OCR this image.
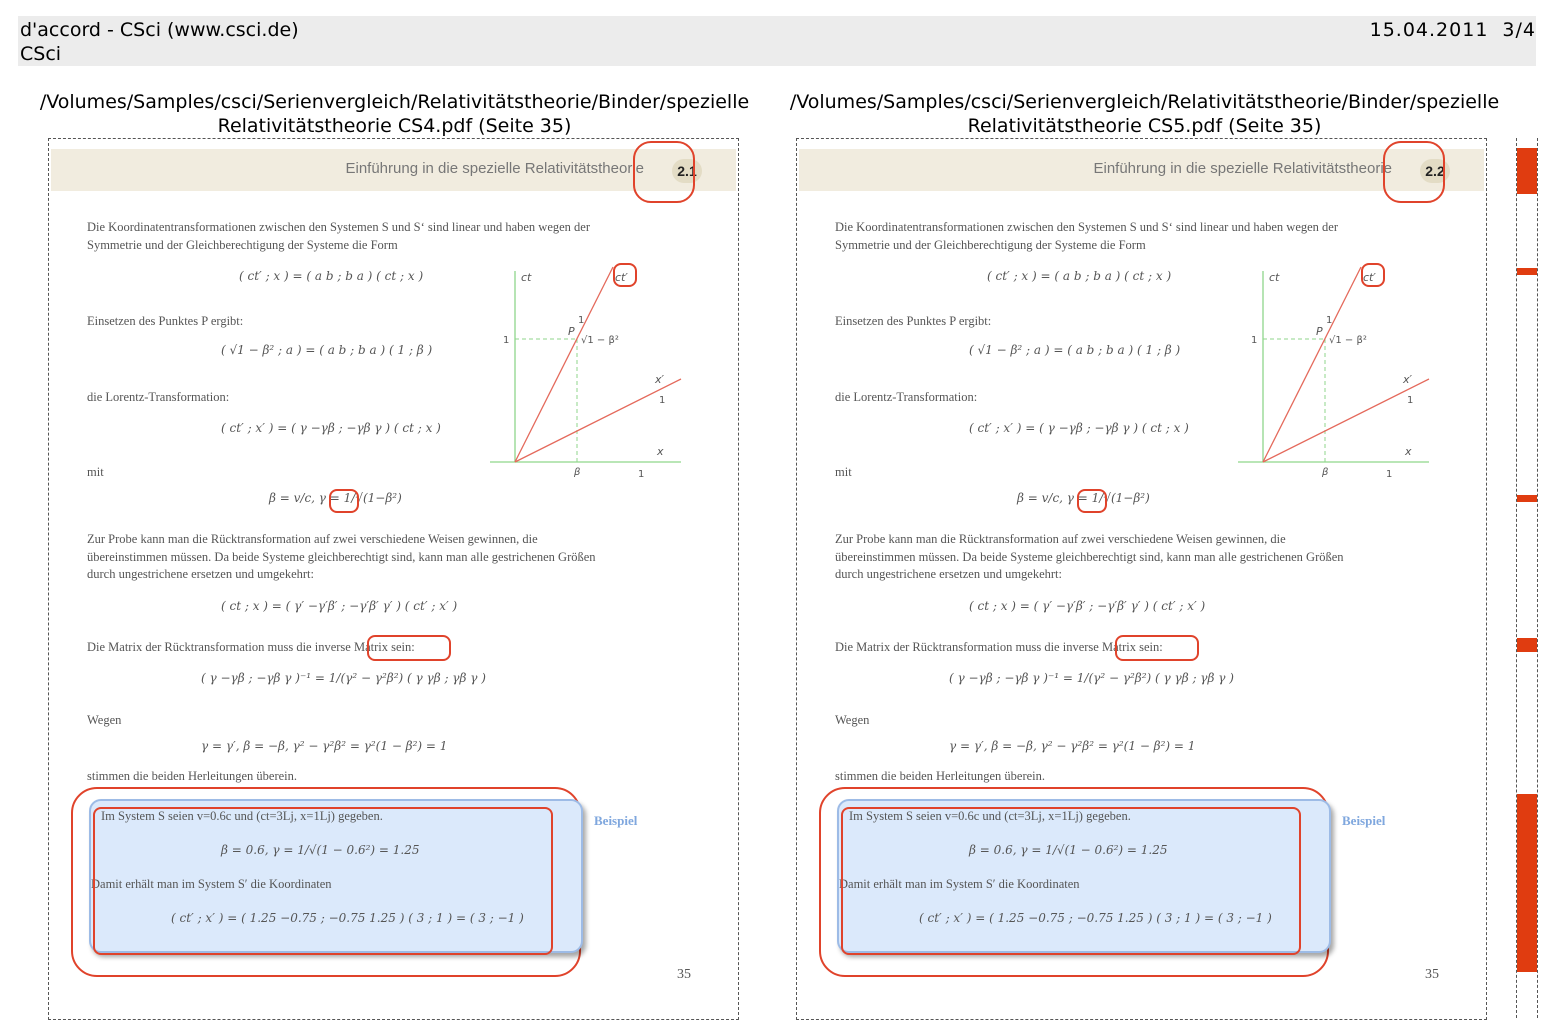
d'accord - CSci (www.csci.de)
CSci
15.04.2011 3/4
/Volumes/Samples/csci/Serienvergleich/Relativitätstheorie/Binder/spezielle Relativitätstheorie CS4.pdf (Seite 35)
/Volumes/Samples/csci/Serienvergleich/Relativitätstheorie/Binder/spezielle Relativitätstheorie CS5.pdf (Seite 35)
Einführung in die spezielle Relativitätstheorie	2.1
Die Koordinatentransformationen zwischen den Systemen S und S‘ sind linear und haben wegen der Symmetrie und der Gleichberechtigung der Systeme die Form
( ct′ ; x ) = ( a b ; b a ) ( ct ; x )
Einsetzen des Punktes P ergibt:
( √1 − β² ; a ) = ( a b ; b a ) ( 1 ; β )
die Lorentz-Transformation:
( ct′ ; x′ ) = ( γ −γβ ; −γβ γ ) ( ct ; x )
mit
β = v/c, γ = 1/√(1−β²)
ct	ct′
x
x′
1
1
1
1
β
P
√1 − β²
Zur Probe kann man die Rücktransformation auf zwei verschiedene Weisen gewinnen, die übereinstimmen müssen. Da beide Systeme gleichberechtigt sind, kann man alle gestrichenen Größen durch ungestrichene ersetzen und umgekehrt:
( ct ; x ) = ( γ′ −γ′β′ ; −γ′β′ γ′ ) ( ct′ ; x′ )
Die Matrix der Rücktransformation muss die inverse Matrix sein:
( γ −γβ ; −γβ γ )⁻¹ = 1/(γ² − γ²β²) ( γ γβ ; γβ γ )
Wegen
γ = γ′, β = −β, γ² − γ²β² = γ²(1 − β²) = 1
stimmen die beiden Herleitungen überein.
Im System S seien v=0.6c und (ct=3Lj, x=1Lj) gegeben.
β = 0.6, γ = 1/√(1 − 0.6²) = 1.25
Damit erhält man im System S′ die Koordinaten
( ct′ ; x′ ) = ( 1.25 −0.75 ; −0.75 1.25 ) ( 3 ; 1 ) = ( 3 ; −1 )
Beispiel
35
Einführung in die spezielle Relativitätstheorie	2.2
Die Koordinatentransformationen zwischen den Systemen S und S‘ sind linear und haben wegen der Symmetrie und der Gleichberechtigung der Systeme die Form
( ct′ ; x ) = ( a b ; b a ) ( ct ; x )
Einsetzen des Punktes P ergibt:
( √1 − β² ; a ) = ( a b ; b a ) ( 1 ; β )
die Lorentz-Transformation:
( ct′ ; x′ ) = ( γ −γβ ; −γβ γ ) ( ct ; x )
mit
β = v/c, γ = 1/√(1−β²)
ct	ct′
x
x′
1
1
1
1
β
P
√1 − β²
Zur Probe kann man die Rücktransformation auf zwei verschiedene Weisen gewinnen, die übereinstimmen müssen. Da beide Systeme gleichberechtigt sind, kann man alle gestrichenen Größen durch ungestrichene ersetzen und umgekehrt:
( ct ; x ) = ( γ′ −γ′β′ ; −γ′β′ γ′ ) ( ct′ ; x′ )
Die Matrix der Rücktransformation muss die inverse Matrix sein:
( γ −γβ ; −γβ γ )⁻¹ = 1/(γ² − γ²β²) ( γ γβ ; γβ γ )
Wegen
γ = γ′, β = −β, γ² − γ²β² = γ²(1 − β²) = 1
stimmen die beiden Herleitungen überein.
Im System S seien v=0.6c und (ct=3Lj, x=1Lj) gegeben.
β = 0.6, γ = 1/√(1 − 0.6²) = 1.25
Damit erhält man im System S′ die Koordinaten
( ct′ ; x′ ) = ( 1.25 −0.75 ; −0.75 1.25 ) ( 3 ; 1 ) = ( 3 ; −1 )
Beispiel
35
